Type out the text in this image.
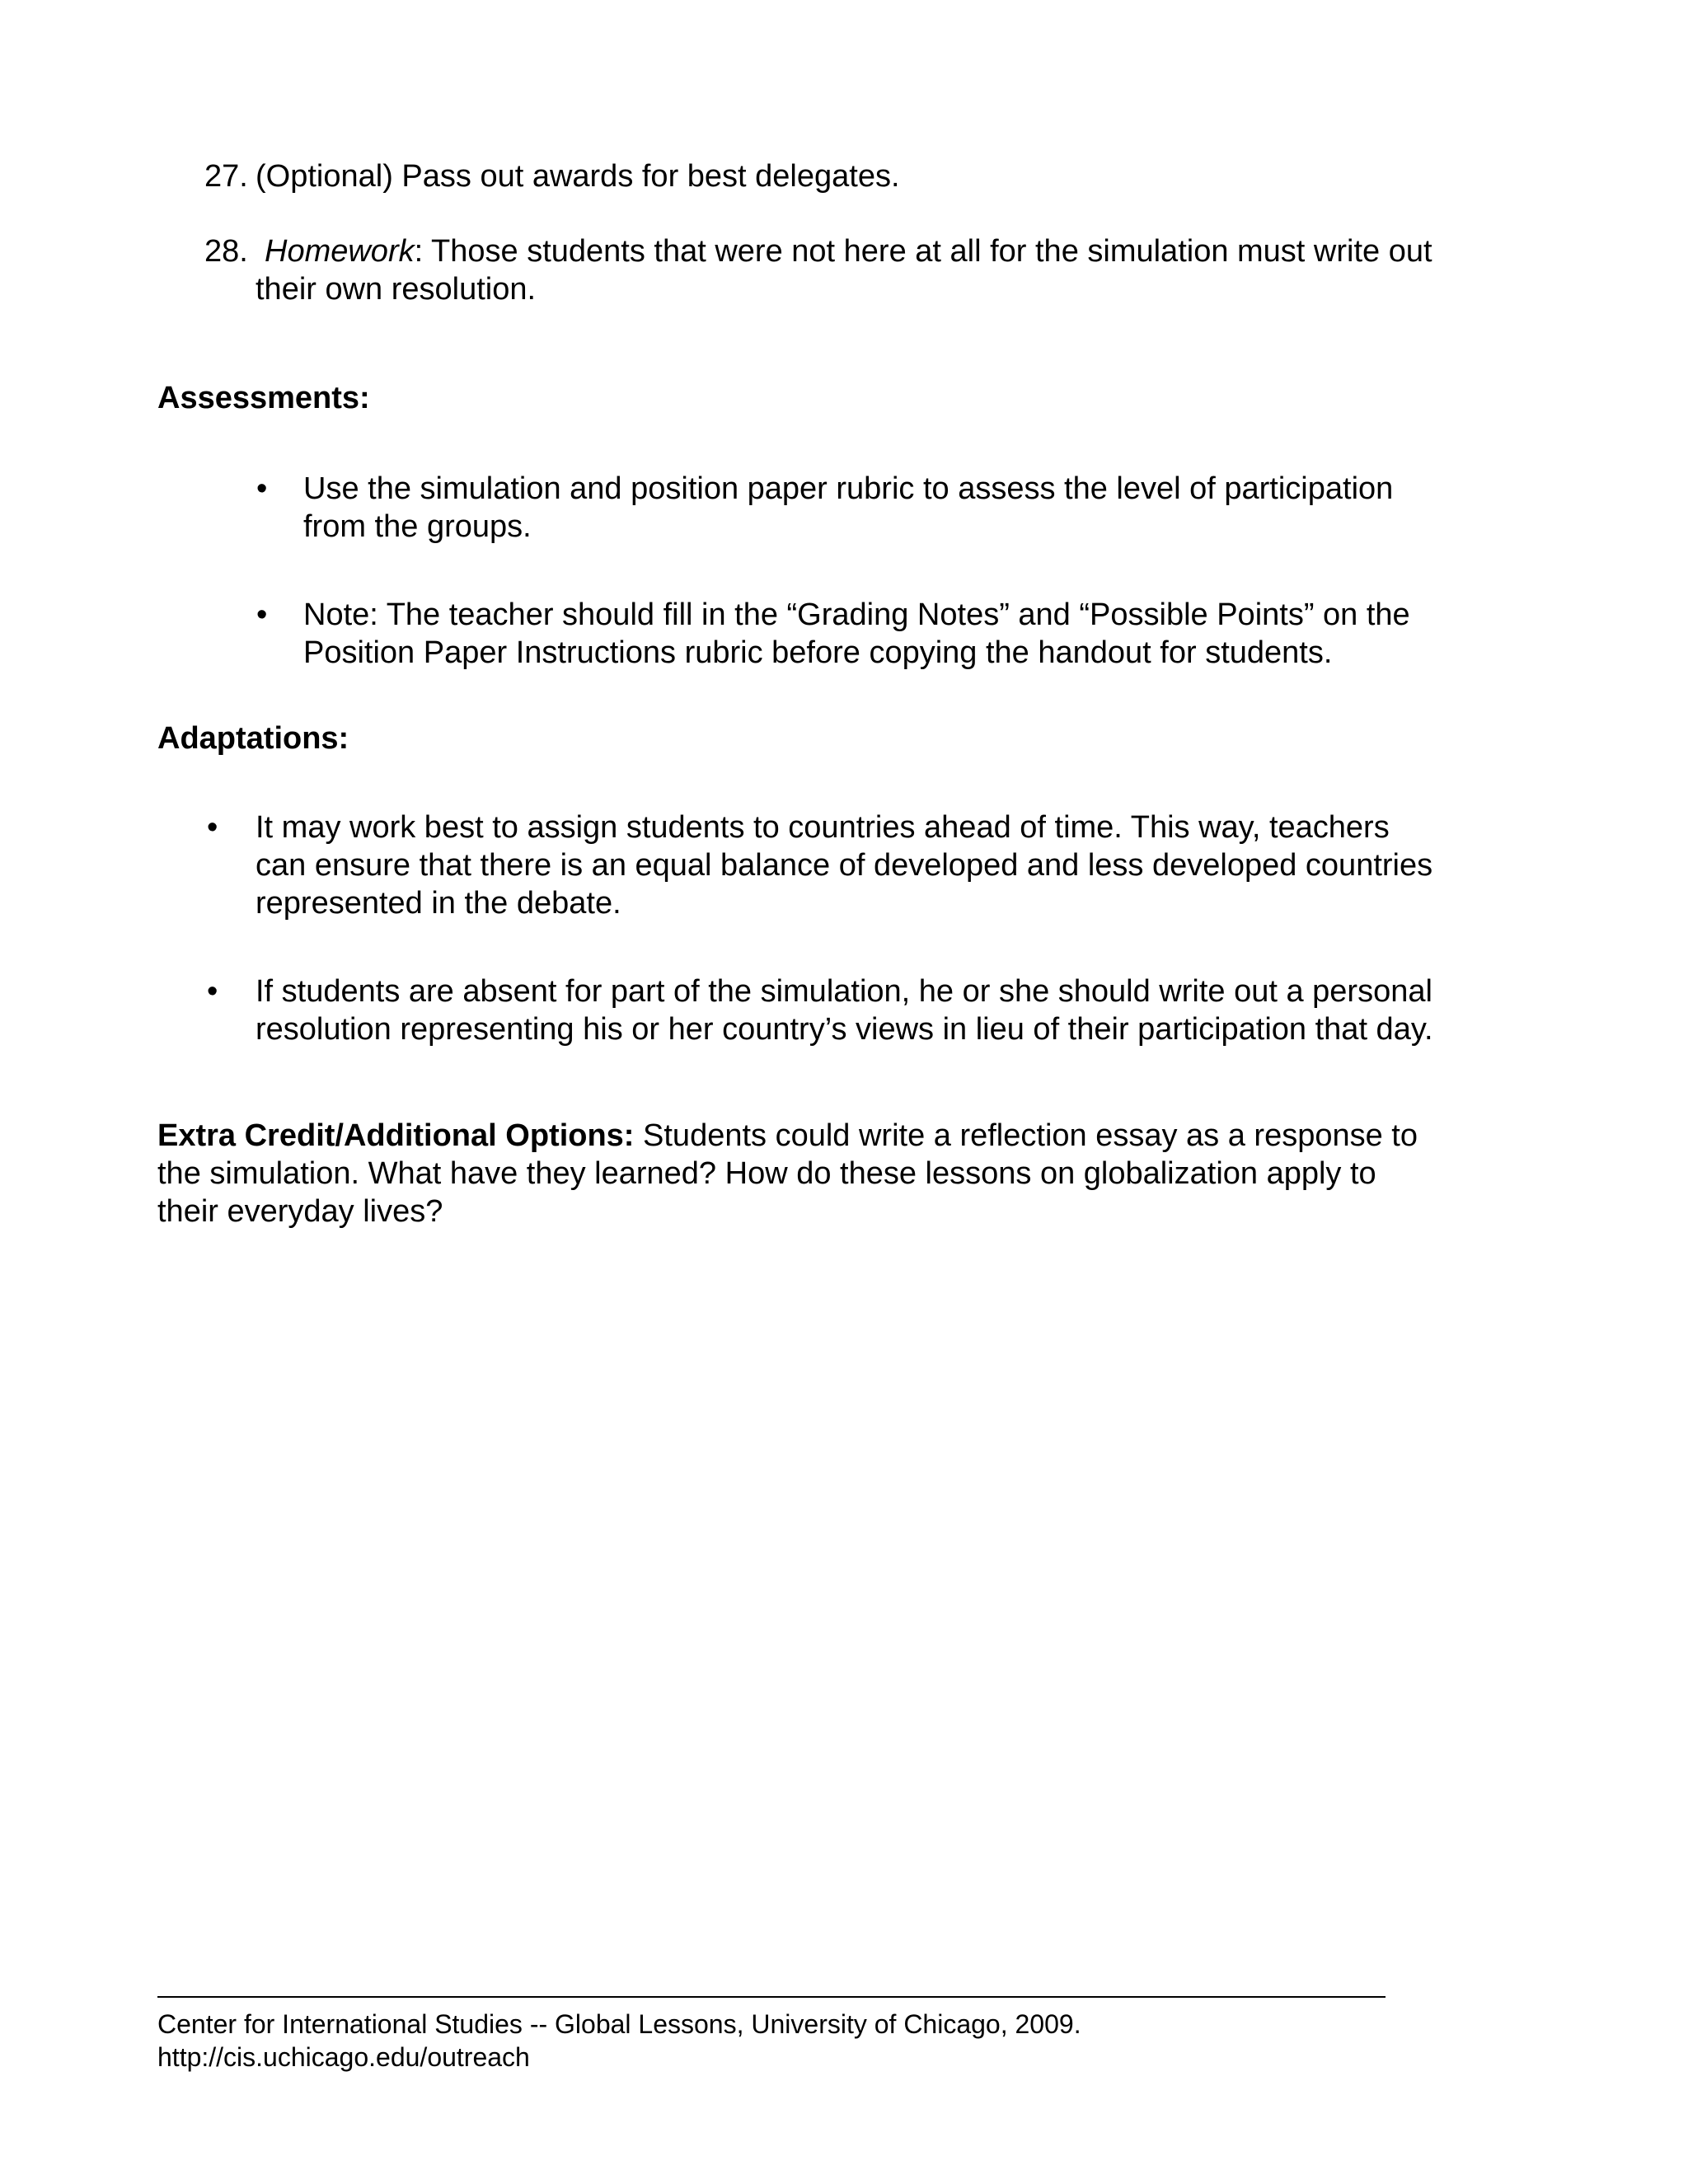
27. (Optional) Pass out awards for best delegates.
28. Homework: Those students that were not here at all for the simulation must write out
their own resolution.
Assessments:
• Use the simulation and position paper rubric to assess the level of participation
from the groups.
• Note: The teacher should fill in the “Grading Notes” and “Possible Points” on the
Position Paper Instructions rubric before copying the handout for students.
Adaptations:
• It may work best to assign students to countries ahead of time. This way, teachers
can ensure that there is an equal balance of developed and less developed countries
represented in the debate.
• If students are absent for part of the simulation, he or she should write out a personal
resolution representing his or her country’s views in lieu of their participation that day.
Extra Credit/Additional Options: Students could write a reflection essay as a response to
the simulation. What have they learned? How do these lessons on globalization apply to
their everyday lives?
Center for International Studies -- Global Lessons, University of Chicago, 2009.
http://cis.uchicago.edu/outreach
